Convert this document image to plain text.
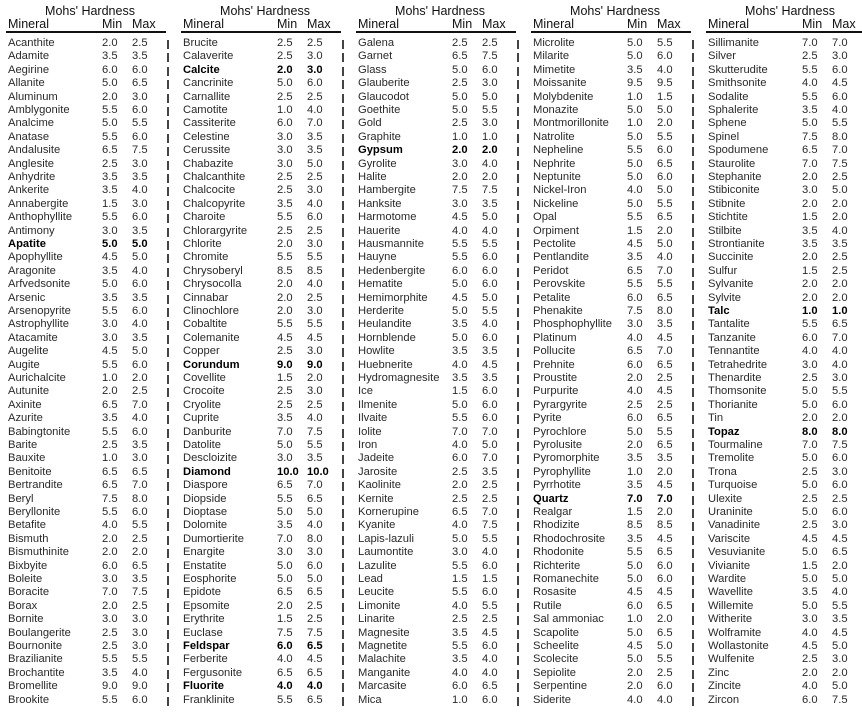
Mohs' Hardness
Mineral	Min Max
Acanthite	2.0 2.5
Adamite	3.5 3.5
Aegirine	6.0 6.0
Allanite	5.0 6.5
Aluminum	2.0 3.0
Amblygonite	5.5 6.0
Analcime	5.0 5.5
Anatase	5.5 6.0
Andalusite	6.5 7.5
Anglesite	2.5 3.0
Anhydrite	3.5 3.5
Ankerite	3.5 4.0
Annabergite	1.5 3.0
Anthophyllite	5.5 6.0
Antimony	3.0 3.5
Apatite	5.0 5.0
Apophyllite	4.5 5.0
Aragonite	3.5 4.0
Arfvedsonite	5.0 6.0
Arsenic	3.5 3.5
Arsenopyrite	5.5 6.0
Astrophyllite	3.0 4.0
Atacamite	3.0 3.5
Augelite	4.5 5.0
Augite	5.5 6.0
Aurichalcite	1.0 2.0
Autunite	2.0 2.5
Axinite	6.5 7.0
Azurite	3.5 4.0
Babingtonite	5.5 6.0
Barite	2.5 3.5
Bauxite	1.0 3.0
Benitoite	6.5 6.5
Bertrandite	6.5 7.0
Beryl	7.5 8.0
Beryllonite	5.5 6.0
Betafite	4.0 5.5
Bismuth	2.0 2.5
Bismuthinite	2.0 2.0
Bixbyite	6.0 6.5
Boleite	3.0 3.5
Boracite	7.0 7.5
Borax	2.0 2.5
Bornite	3.0 3.0
Boulangerite	2.5 3.0
Bournonite	2.5 3.0
Brazilianite	5.5 5.5
Brochantite	3.5 4.0
Bromellite	9.0 9.0
Brookite	5.5 6.0
Mohs' Hardness
Mineral	Min Max
Brucite	2.5 2.5
Calaverite	2.5 3.0
Calcite	2.0 3.0
Cancrinite	5.0 6.0
Carnallite	2.5 2.5
Camotite	1.0 4.0
Cassiterite	6.0 7.0
Celestine	3.0 3.5
Cerussite	3.0 3.5
Chabazite	3.0 5.0
Chalcanthite	2.5 2.5
Chalcocite	2.5 3.0
Chalcopyrite	3.5 4.0
Charoite	5.5 6.0
Chlorargyrite	2.5 2.5
Chlorite	2.0 3.0
Chromite	5.5 5.5
Chrysoberyl	8.5 8.5
Chrysocolla	2.0 4.0
Cinnabar	2.0 2.5
Clinochlore	2.0 3.0
Cobaltite	5.5 5.5
Colemanite	4.5 4.5
Copper	2.5 3.0
Corundum	9.0 9.0
Covellite	1.5 2.0
Crocoite	2.5 3.0
Cryolite	2.5 2.5
Cuprite	3.5 4.0
Danburite	7.0 7.5
Datolite	5.0 5.5
Descloizite	3.0 3.5
Diamond	10.0 10.0
Diaspore	6.5 7.0
Diopside	5.5 6.5
Dioptase	5.0 5.0
Dolomite	3.5 4.0
Dumortierite	7.0 8.0
Enargite	3.0 3.0
Enstatite	5.0 6.0
Eosphorite	5.0 5.0
Epidote	6.5 6.5
Epsomite	2.0 2.5
Erythrite	1.5 2.5
Euclase	7.5 7.5
Feldspar	6.0 6.5
Ferberite	4.0 4.5
Fergusonite	6.5 6.5
Fluorite	4.0 4.0
Franklinite	5.5 6.5
Mohs' Hardness
Mineral	Min Max
Galena	2.5 2.5
Garnet	6.5 7.5
Glass	5.0 6.0
Glauberite	2.5 3.0
Glaucodot	5.0 5.0
Goethite	5.0 5.5
Gold	2.5 3.0
Graphite	1.0 1.0
Gypsum	2.0 2.0
Gyrolite	3.0 4.0
Halite	2.0 2.0
Hambergite	7.5 7.5
Hanksite	3.0 3.5
Harmotome	4.5 5.0
Hauerite	4.0 4.0
Hausmannite	5.5 5.5
Hauyne	5.5 6.0
Hedenbergite 6.0 6.0
Hematite	5.0 6.0
Hemimorphite 4.5 5.0
Herderite	5.0 5.5
Heulandite	3.5 4.0
Hornblende	5.0 6.0
Howlite	3.5 3.5
Huebnerite	4.0 4.5
Hydromagnesite 3.5 3.5
Ice	1.5 6.0
Ilmenite	5.0 6.0
Ilvaite	5.5 6.0
Iolite	7.0 7.0
Iron	4.0 5.0
Jadeite	6.0 7.0
Jarosite	2.5 3.5
Kaolinite	2.0 2.5
Kernite	2.5 2.5
Kornerupine	6.5 7.0
Kyanite	4.0 7.5
Lapis-lazuli	5.0 5.5
Laumontite	3.0 4.0
Lazulite	5.5 6.0
Lead	1.5 1.5
Leucite	5.5 6.0
Limonite	4.0 5.5
Linarite	2.5 2.5
Magnesite	3.5 4.5
Magnetite	5.5 6.0
Malachite	3.5 4.0
Manganite	4.0 4.0
Marcasite	6.0 6.5
Mica	1.0 6.0
Mohs' Hardness
Mineral	Min Max
Microlite	5.0 5.5
Milarite	5.0 6.0
Mimetite	3.5 4.0
Moissanite	9.5 9.5
Molybdenite	1.0 1.5
Monazite	5.0 5.0
Montmorillonite 1.0 2.0
Natrolite	5.0 5.5
Nepheline	5.5 6.0
Nephrite	5.0 6.5
Neptunite	5.0 6.0
Nickel-Iron	4.0 5.0
Nickeline	5.0 5.5
Opal	5.5 6.5
Orpiment	1.5 2.0
Pectolite	4.5 5.0
Pentlandite	3.5 4.0
Peridot	6.5 7.0
Perovskite	5.5 5.5
Petalite	6.0 6.5
Phenakite	7.5 8.0
Phosphophyllite 3.0 3.5
Platinum	4.0 4.5
Pollucite	6.5 7.0
Prehnite	6.0 6.5
Proustite	2.0 2.5
Purpurite	4.0 4.5
Pyrargyrite	2.5 2.5
Pyrite	6.0 6.5
Pyrochlore	5.0 5.5
Pyrolusite	2.0 6.5
Pyromorphite 3.5 3.5
Pyrophyllite	1.0 2.0
Pyrrhotite	3.5 4.5
Quartz	7.0 7.0
Realgar	1.5 2.0
Rhodizite	8.5 8.5
Rhodochrosite 3.5 4.5
Rhodonite	5.5 6.5
Richterite	5.0 6.0
Romanechite	5.0 6.0
Rosasite	4.5 4.5
Rutile	6.0 6.5
Sal ammoniac 1.0 2.0
Scapolite	5.0 6.5
Scheelite	4.5 5.0
Scolecite	5.0 5.5
Sepiolite	2.0 2.5
Serpentine	2.0 6.0
Siderite	4.0 4.0
Mohs' Hardness
Mineral	Min Max
Sillimanite	7.0 7.0
Silver	2.5 3.0
Skutterudite	5.5 6.0
Smithsonite	4.0 4.5
Sodalite	5.5 6.0
Sphalerite	3.5 4.0
Sphene	5.0 5.5
Spinel	7.5 8.0
Spodumene	6.5 7.0
Staurolite	7.0 7.5
Stephanite	2.0 2.5
Stibiconite	3.0 5.0
Stibnite	2.0 2.0
Stichtite	1.5 2.0
Stilbite	3.5 4.0
Strontianite	3.5 3.5
Succinite	2.0 2.5
Sulfur	1.5 2.5
Sylvanite	2.0 2.0
Sylvite	2.0 2.0
Talc	1.0 1.0
Tantalite	5.5 6.5
Tanzanite	6.0 7.0
Tennantite	4.0 4.0
Tetrahedrite	3.0 4.0
Thenardite	2.5 3.0
Thomsonite	5.0 5.5
Thorianite	5.0 6.0
Tin	2.0 2.0
Topaz	8.0 8.0
Tourmaline	7.0 7.5
Tremolite	5.0 6.0
Trona	2.5 3.0
Turquoise	5.0 6.0
Ulexite	2.5 2.5
Uraninite	5.0 6.0
Vanadinite	2.5 3.0
Variscite	4.5 4.5
Vesuvianite	5.0 6.5
Vivianite	1.5 2.0
Wardite	5.0 5.0
Wavellite	3.5 4.0
Willemite	5.0 5.5
Witherite	3.0 3.5
Wolframite	4.0 4.5
Wollastonite	4.5 5.0
Wulfenite	2.5 3.0
Zinc	2.0 2.0
Zincite	4.0 5.0
Zircon	6.0 7.5
